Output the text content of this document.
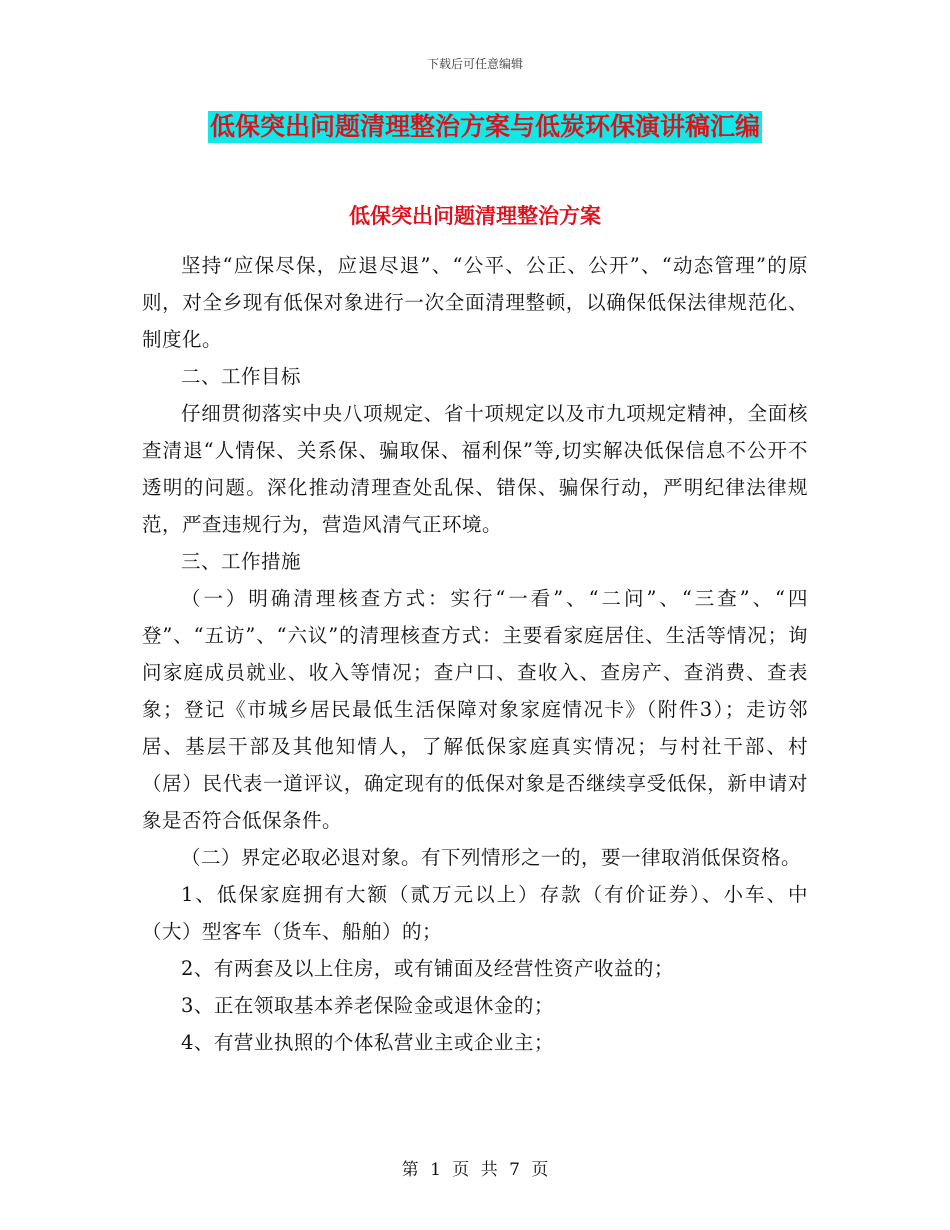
下载后可任意编辑
低保突出问题清理整治方案与低炭环保演讲稿汇编
低保突出问题清理整治方案

坚持“应保尽保，应退尽退”、“公平、公正、公开”、“动态管理”的原则，对全乡现有低保对象进行一次全面清理整顿，以确保低保法律规范化、制度化。

二、工作目标

仔细贯彻落实中央八项规定、省十项规定以及市九项规定精神，全面核查清退“人情保、关系保、骗取保、福利保”等,切实解决低保信息不公开不透明的问题。深化推动清理查处乱保、错保、骗保行动，严明纪律法律规范，严查违规行为，营造风清气正环境。

三、工作措施

（一）明确清理核查方式：实行“一看”、“二问”、“三查”、“四登”、“五访”、“六议”的清理核查方式：主要看家庭居住、生活等情况；询问家庭成员就业、收入等情况；查户口、查收入、查房产、查消费、查表象；登记《市城乡居民最低生活保障对象家庭情况卡》（附件3）；走访邻居、基层干部及其他知情人，了解低保家庭真实情况；与村社干部、村（居）民代表一道评议，确定现有的低保对象是否继续享受低保，新申请对象是否符合低保条件。

（二）界定必取必退对象。有下列情形之一的，要一律取消低保资格。

1、低保家庭拥有大额（贰万元以上）存款（有价证券）、小车、中（大）型客车（货车、船舶）的；

2、有两套及以上住房，或有铺面及经营性资产收益的；

3、正在领取基本养老保险金或退休金的；

4、有营业执照的个体私营业主或企业主；

第 1 页 共 7 页
